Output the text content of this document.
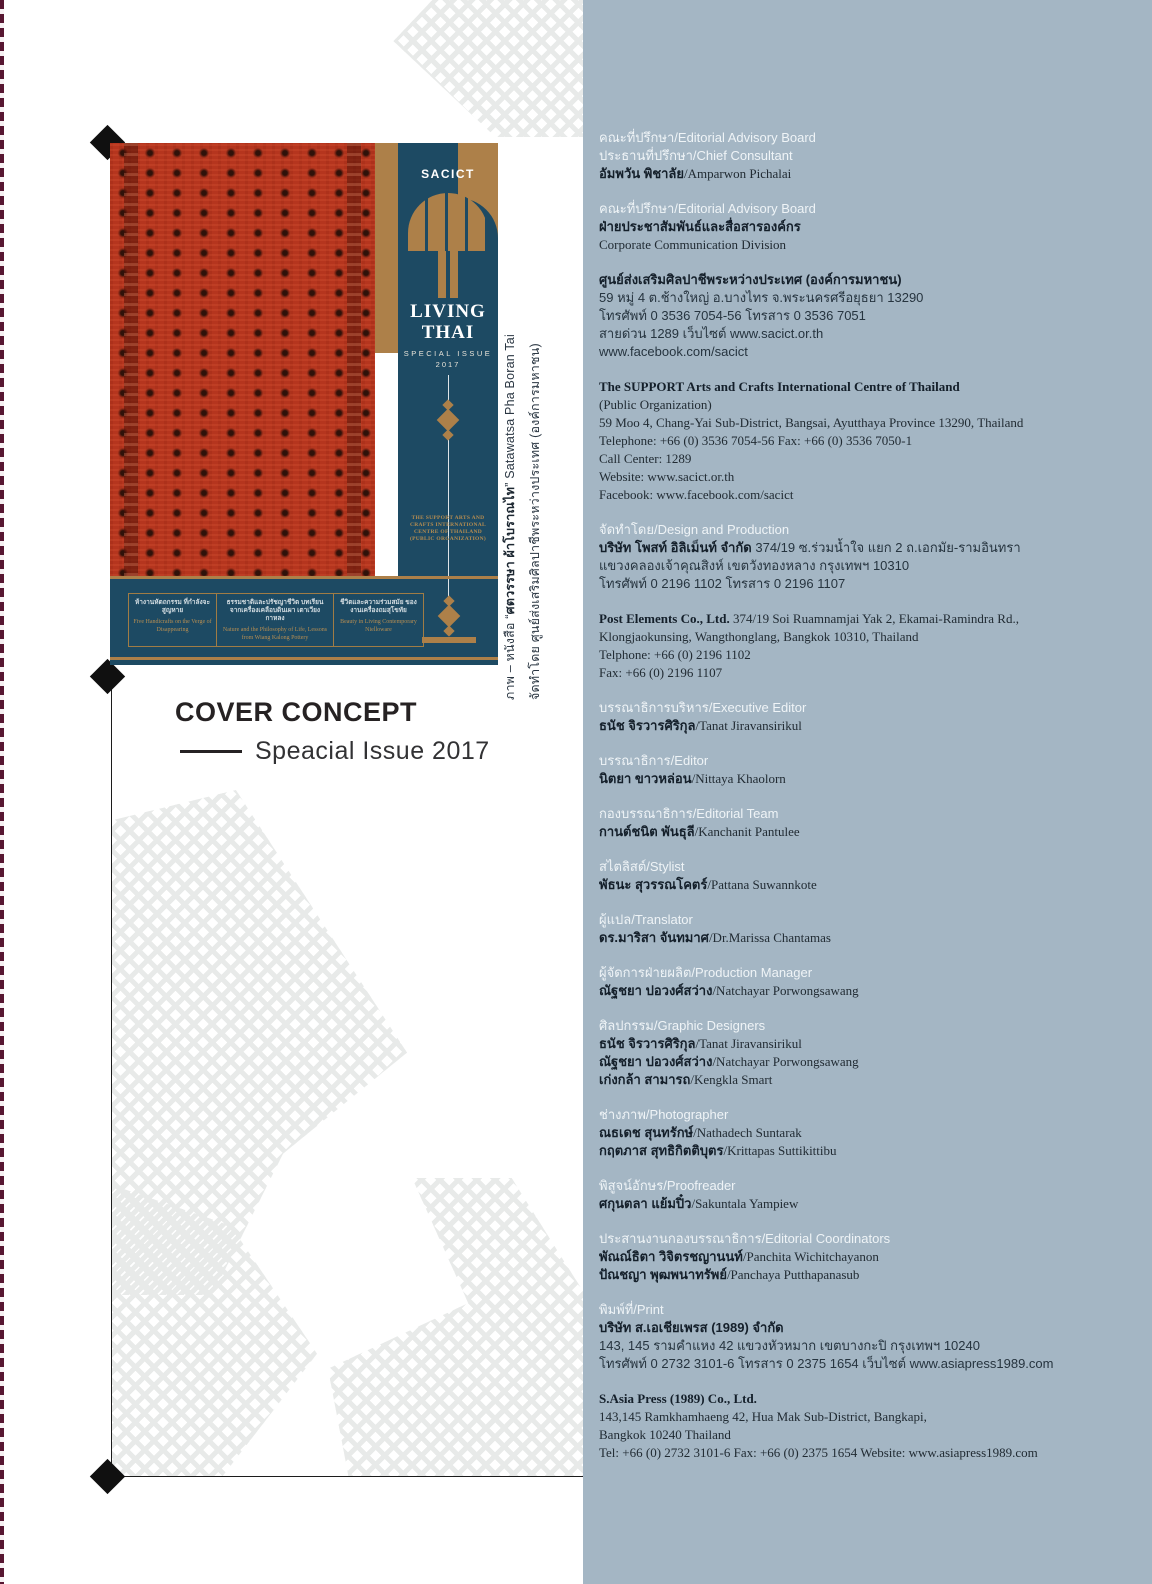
SACICT
LIVING
THAI
SPECIAL ISSUE
2017
THE SUPPORT ARTS AND CRAFTS INTERNATIONAL CENTRE OF THAILAND (PUBLIC ORGANIZATION)
ห้างานหัตถกรรม ที่กำลังจะสูญหาย
Five Handicrafts on the Verge of Disappearing
ธรรมชาติและปรัชญาชีวิต บทเรียนจากเครื่องเคลือบดินเผา เตาเวียงกาหลง
Nature and the Philosophy of Life, Lessons from Wiang Kalong Pottery
ชีวิตและความร่วมสมัย ของงานเครื่องถมสุโขทัย
Beauty in Living Contemporary Nielloware	ภาพ – หนังสือ “ศตวรรษา ผ้าโบราณไท” Satawatsa Pha Boran Tai จัดทำโดย ศูนย์ส่งเสริมศิลปาชีพระหว่างประเทศ (องค์การมหาชน)
COVER CONCEPT
Speacial Issue 2017
คณะที่ปรึกษา/Editorial Advisory Board
ประธานที่ปรึกษา/Chief Consultant
อัมพวัน พิชาลัย/Amparwon Pichalai
คณะที่ปรึกษา/Editorial Advisory Board
ฝ่ายประชาสัมพันธ์และสื่อสารองค์กร
Corporate Communication Division
ศูนย์ส่งเสริมศิลปาชีพระหว่างประเทศ (องค์การมหาชน)
59 หมู่ 4 ต.ช้างใหญ่ อ.บางไทร จ.พระนครศรีอยุธยา 13290
โทรศัพท์ 0 3536 7054-56 โทรสาร 0 3536 7051
สายด่วน 1289 เว็บไซต์ www.sacict.or.th
www.facebook.com/sacict
The SUPPORT Arts and Crafts International Centre of Thailand
(Public Organization)
59 Moo 4, Chang-Yai Sub-District, Bangsai, Ayutthaya Province 13290, Thailand
Telephone: +66 (0) 3536 7054-56 Fax: +66 (0) 3536 7050-1
Call Center: 1289
Website: www.sacict.or.th
Facebook: www.facebook.com/sacict
จัดทำโดย/Design and Production
บริษัท โพสท์ อิลิเม็นท์ จำกัด 374/19 ซ.ร่วมน้ำใจ แยก 2 ถ.เอกมัย-รามอินทรา
แขวงคลองเจ้าคุณสิงห์ เขตวังทองหลาง กรุงเทพฯ 10310
โทรศัพท์ 0 2196 1102 โทรสาร 0 2196 1107
Post Elements Co., Ltd. 374/19 Soi Ruamnamjai Yak 2, Ekamai-Ramindra Rd.,
Klongjaokunsing, Wangthonglang, Bangkok 10310, Thailand
Telphone: +66 (0) 2196 1102
Fax: +66 (0) 2196 1107
บรรณาธิการบริหาร/Executive Editor
ธนัช จิรวารศิริกุล/Tanat Jiravansirikul
บรรณาธิการ/Editor
นิตยา ขาวหล่อน/Nittaya Khaolorn
กองบรรณาธิการ/Editorial Team
กานต์ชนิต พันธุลี/Kanchanit Pantulee
สไตลิสต์/Stylist
พัธนะ สุวรรณโคตร์/Pattana Suwannkote
ผู้แปล/Translator
ดร.มาริสา จันทมาศ/Dr.Marissa Chantamas
ผู้จัดการฝ่ายผลิต/Production Manager
ณัฐชยา ปอวงศ์สว่าง/Natchayar Porwongsawang
ศิลปกรรม/Graphic Designers
ธนัช จิรวารศิริกุล/Tanat Jiravansirikul
ณัฐชยา ปอวงศ์สว่าง/Natchayar Porwongsawang
เก่งกล้า สามารถ/Kengkla Smart
ช่างภาพ/Photographer
ณธเดช สุนทรักษ์/Nathadech Suntarak
กฤตภาส สุทธิกิตติบุตร/Krittapas Suttikittibu
พิสูจน์อักษร/Proofreader
ศกุนตลา แย้มปิ๋ว/Sakuntala Yampiew
ประสานงานกองบรรณาธิการ/Editorial Coordinators
พัณณ์ธิตา วิจิตรชญานนท์/Panchita Wichitchayanon
ปัณชญา พุฒพนาทรัพย์/Panchaya Putthapanasub
พิมพ์ที่/Print
บริษัท ส.เอเชียเพรส (1989) จำกัด
143, 145 รามคำแหง 42 แขวงหัวหมาก เขตบางกะปิ กรุงเทพฯ 10240
โทรศัพท์ 0 2732 3101-6 โทรสาร 0 2375 1654 เว็บไซต์ www.asiapress1989.com
S.Asia Press (1989) Co., Ltd.
143,145 Ramkhamhaeng 42, Hua Mak Sub-District, Bangkapi,
Bangkok 10240 Thailand
Tel: +66 (0) 2732 3101-6 Fax: +66 (0) 2375 1654 Website: www.asiapress1989.com
